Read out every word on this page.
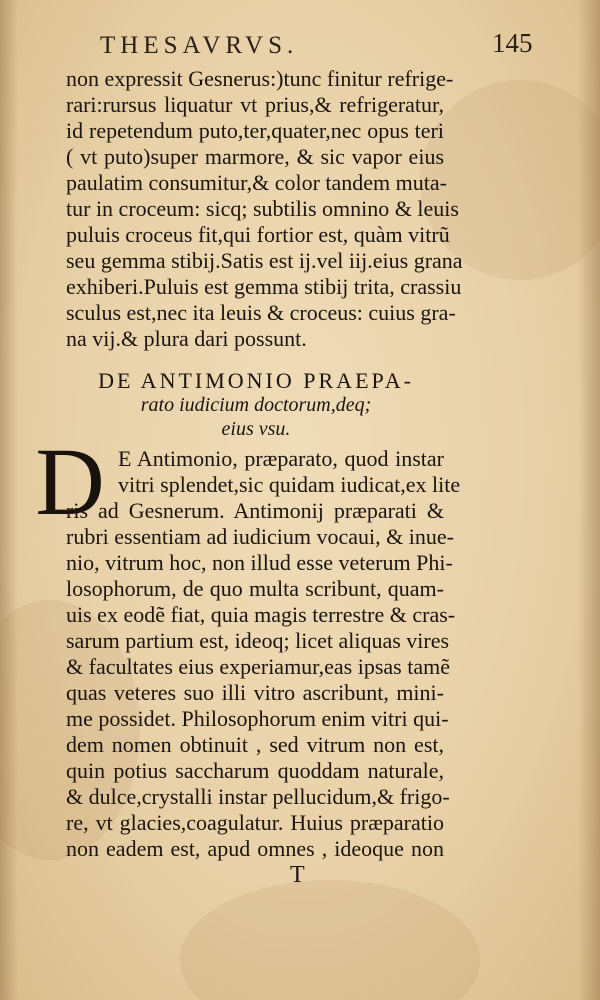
THESAVRVS.	145
non expressit Gesnerus:)tunc finitur refrige-
rari:rursus liquatur vt prius,& refrigeratur,
id repetendum puto,ter,quater,nec opus teri
( vt puto)super marmore, & sic vapor eius
paulatim consumitur,& color tandem muta-
tur in croceum: sicq; subtilis omnino & leuis
puluis croceus fit,qui fortior est, quàm vitrũ
seu gemma stibij.Satis est ij.vel iij.eius grana
exhiberi.Puluis est gemma stibij trita, crassiu
sculus est,nec ita leuis & croceus: cuius gra-
na vij.& plura dari possunt.
DE ANTIMONIO PRAEPA-
rato iudicium doctorum,deq;
eius vsu.
D E Antimonio, præparato, quod instar
vitri splendet,sic quidam iudicat,ex lite
ris ad Gesnerum. Antimonij præparati &
rubri essentiam ad iudicium vocaui, & inue-
nio, vitrum hoc, non illud esse veterum Phi-
losophorum, de quo multa scribunt, quam-
uis ex eodẽ fiat, quia magis terrestre & cras-
sarum partium est, ideoq; licet aliquas vires
& facultates eius experiamur,eas ipsas tamẽ
quas veteres suo illi vitro ascribunt, mini-
me possidet. Philosophorum enim vitri qui-
dem nomen obtinuit , sed vitrum non est,
quin potius saccharum quoddam naturale,
& dulce,crystalli instar pellucidum,& frigo-
re, vt glacies,coagulatur. Huius præparatio
non eadem est, apud omnes , ideoque non
T
